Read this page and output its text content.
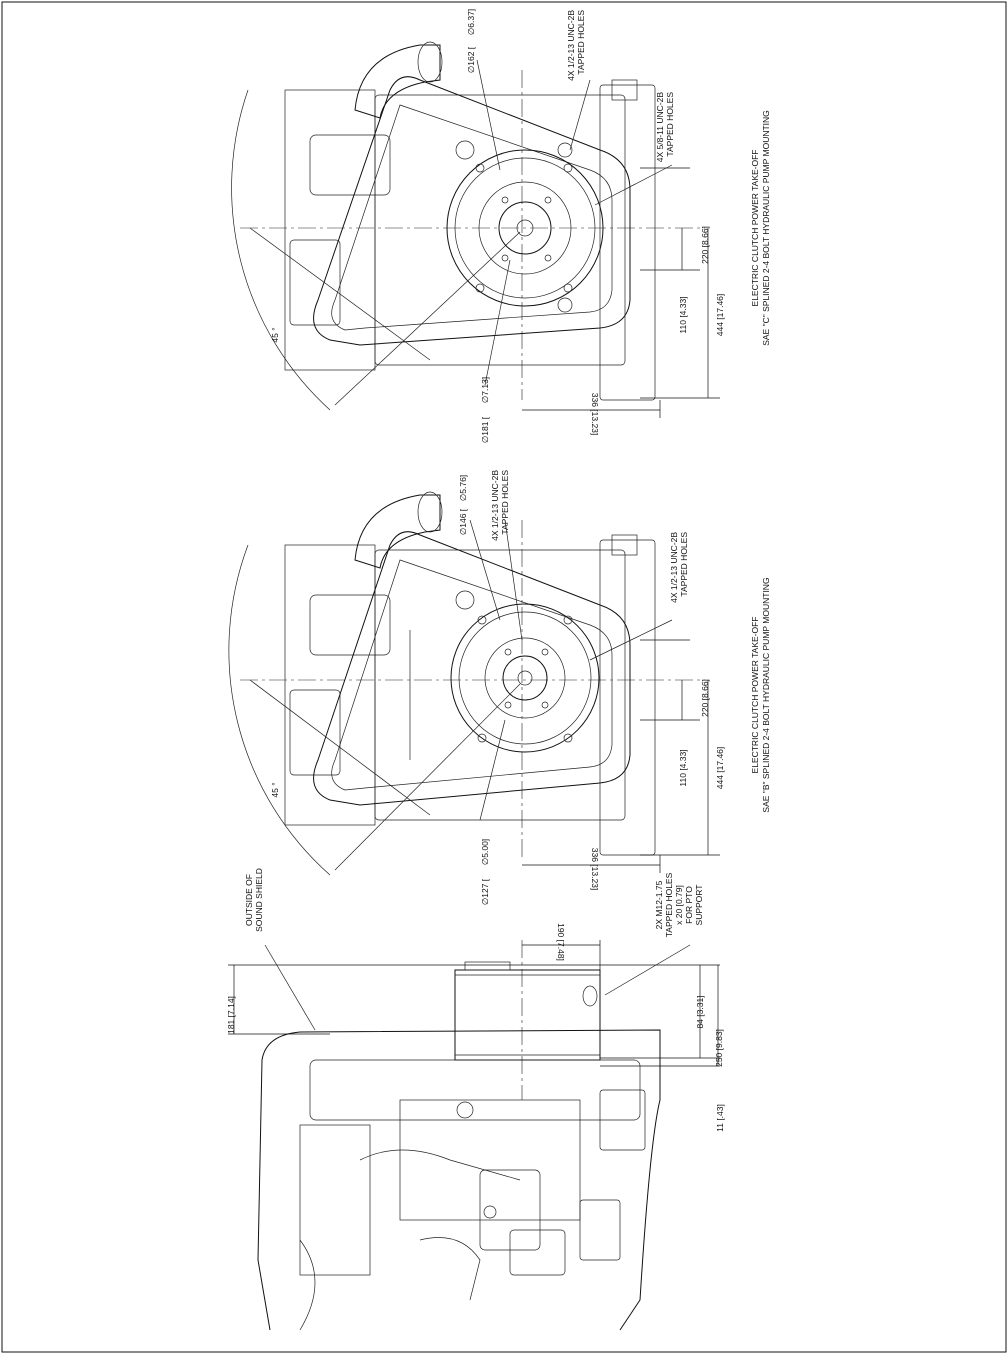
ELECTRIC CLUTCH POWER TAKE-OFF SAE "C" SPLINED 2-4 BOLT HYDRAULIC PUMP MOUNTING
45 °
4X 1/2-13 UNC-2B TAPPED HOLES
4X 5/8-11 UNC-2B TAPPED HOLES
∅162 [
∅6.37]
∅181 [
∅7.13]
220 [8.66]
110 [4.33]	444 [17.46]
336 [13.23]
ELECTRIC CLUTCH POWER TAKE-OFF SAE "B" SPLINED 2-4 BOLT HYDRAULIC PUMP MOUNTING
45 °
4X 1/2-13 UNC-2B TAPPED HOLES
4X 1/2-13 UNC-2B TAPPED HOLES
∅146 [
∅5.76]
∅127 [
∅5.00]
220 [8.66]
110 [4.33]	444 [17.46]
336 [13.23]
OUTSIDE OF SOUND SHIELD	2X M12-1.75 TAPPED HOLES x 20 [0.79] FOR PTO SUPPORT
181 [7.14]
190 [7.48]
84 [3.31]
250 [9.83]
11 [.43]
